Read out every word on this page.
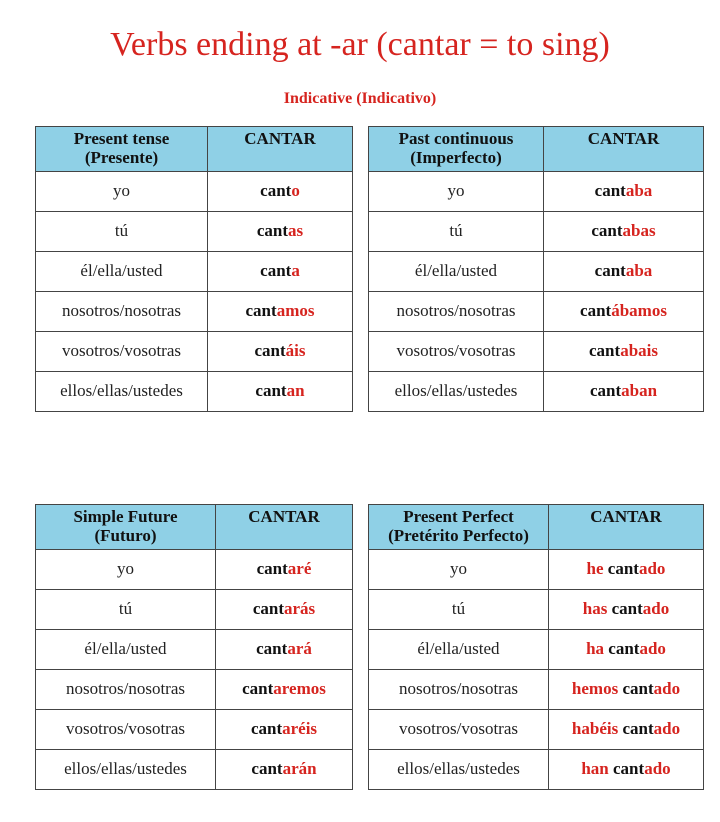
Verbs ending at -ar (cantar = to sing)
Indicative (Indicativo)
Present tense
(Presente)	CANTAR
yo	canto
tú	cantas
él/ella/usted	canta
nosotros/nosotras	cantamos
vosotros/vosotras	cantáis
ellos/ellas/ustedes	cantan
Past continuous
(Imperfecto)	CANTAR
yo	cantaba
tú	cantabas
él/ella/usted	cantaba
nosotros/nosotras	cantábamos
vosotros/vosotras	cantabais
ellos/ellas/ustedes	cantaban
Simple Future
(Futuro)	CANTAR
yo	cantaré
tú	cantarás
él/ella/usted	cantará
nosotros/nosotras	cantaremos
vosotros/vosotras	cantaréis
ellos/ellas/ustedes	cantarán
Present Perfect
(Pretérito Perfecto)	CANTAR
yo	he cantado
tú	has cantado
él/ella/usted	ha cantado
nosotros/nosotras	hemos cantado
vosotros/vosotras	habéis cantado
ellos/ellas/ustedes	han cantado
